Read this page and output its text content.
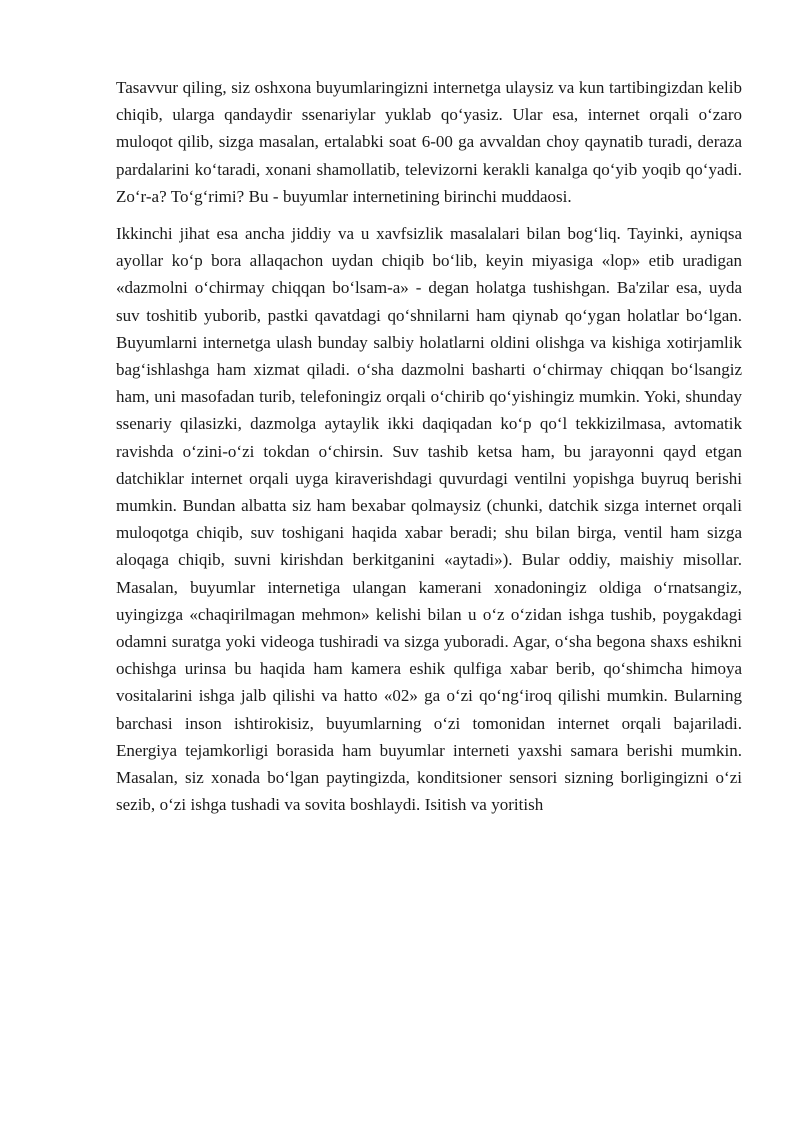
Tasavvur qiling, siz oshxona buyumlaringizni internetga ulaysiz va kun tartibingizdan kelib chiqib, ularga qandaydir ssenariylar yuklab qo‘yasiz. Ular esa, internet orqali o‘zaro muloqot qilib, sizga masalan, ertalabki soat 6-00 ga avvaldan choy qaynatib turadi, deraza pardalarini ko‘taradi, xonani shamollatib, televizorni kerakli kanalga qo‘yib yoqib qo‘yadi. Zo‘r-a? To‘g‘rimi? Bu - buyumlar internetining birinchi muddaosi.

Ikkinchi jihat esa ancha jiddiy va u xavfsizlik masalalari bilan bog‘liq. Tayinki, ayniqsa ayollar ko‘p bora allaqachon uydan chiqib bo‘lib, keyin miyasiga «lop» etib uradigan «dazmolni o‘chirmay chiqqan bo‘lsam-a» - degan holatga tushishgan. Ba'zilar esa, uyda suv toshitib yuborib, pastki qavatdagi qo‘shnilarni ham qiynab qo‘ygan holatlar bo‘lgan. Buyumlarni internetga ulash bunday salbiy holatlarni oldini olishga va kishiga xotirjamlik bag‘ishlashga ham xizmat qiladi. o‘sha dazmolni basharti o‘chirmay chiqqan bo‘lsangiz ham, uni masofadan turib, telefoningiz orqali o‘chirib qo‘yishingiz mumkin. Yoki, shunday ssenariy qilasizki, dazmolga aytaylik ikki daqiqadan ko‘p qo‘l tekkizilmasa, avtomatik ravishda o‘zini-o‘zi tokdan o‘chirsin. Suv tashib ketsa ham, bu jarayonni qayd etgan datchiklar internet orqali uyga kiraverishdagi quvurdagi ventilni yopishga buyruq berishi mumkin. Bundan albatta siz ham bexabar qolmaysiz (chunki, datchik sizga internet orqali muloqotga chiqib, suv toshigani haqida xabar beradi; shu bilan birga, ventil ham sizga aloqaga chiqib, suvni kirishdan berkitganini «aytadi»). Bular oddiy, maishiy misollar. Masalan, buyumlar internetiga ulangan kamerani xonadoningiz oldiga o‘rnatsangiz, uyingizga «chaqirilmagan mehmon» kelishi bilan u o‘z o‘zidan ishga tushib, poygakdagi odamni suratga yoki videoga tushiradi va sizga yuboradi. Agar, o‘sha begona shaxs eshikni ochishga urinsa bu haqida ham kamera eshik qulfiga xabar berib, qo‘shimcha himoya vositalarini ishga jalb qilishi va hatto «02» ga o‘zi qo‘ng‘iroq qilishi mumkin. Bularning barchasi inson ishtirokisiz, buyumlarning o‘zi tomonidan internet orqali bajariladi. Energiya tejamkorligi borasida ham buyumlar interneti yaxshi samara berishi mumkin. Masalan, siz xonada bo‘lgan paytingizda, konditsioner sensori sizning borligingizni o‘zi sezib, o‘zi ishga tushadi va sovita boshlaydi. Isitish va yoritish
